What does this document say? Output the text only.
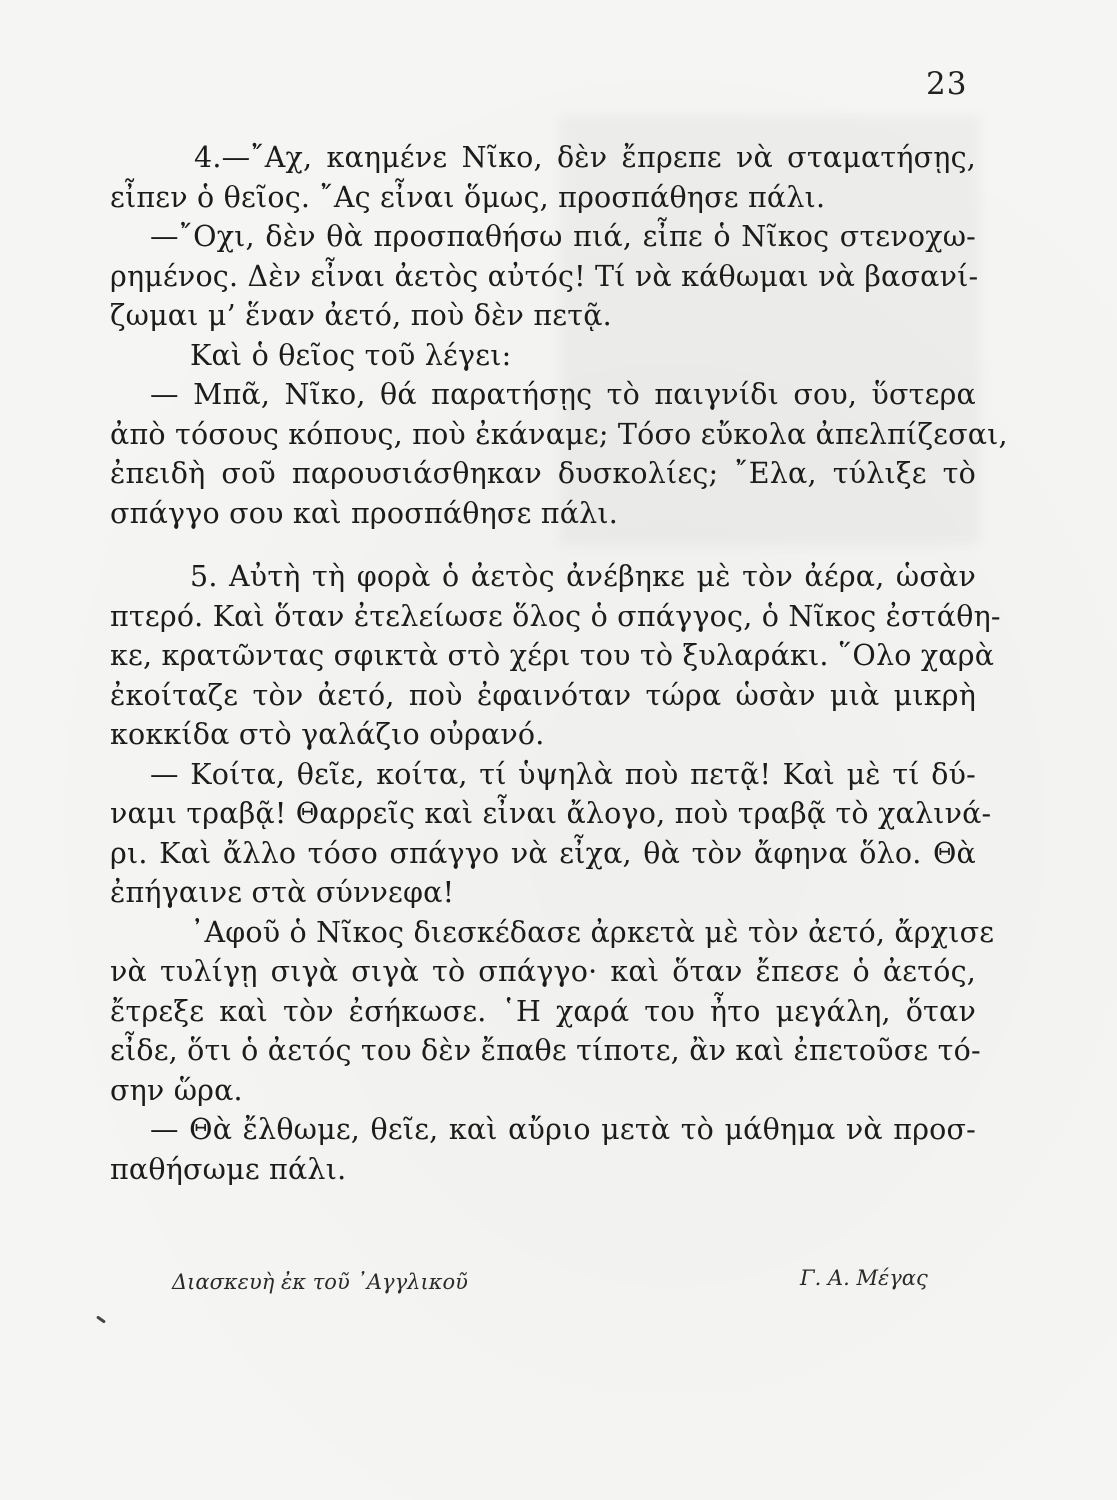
23
4.—῎Αχ, καημένε Νῖκο, δὲν ἔπρεπε νὰ σταματήσῃς,
εἶπεν ὁ θεῖος. ῎Ας εἶναι ὅμως, προσπάθησε πάλι.
—῎Οχι, δὲν θὰ προσπαθήσω πιά, εἶπε ὁ Νῖκος στενοχω-
ρημένος. Δὲν εἶναι ἀετὸς αὐτός! Τί νὰ κάθωμαι νὰ βασανί-
ζωμαι μ’ ἕναν ἀετό, ποὺ δὲν πετᾷ.
Καὶ ὁ θεῖος τοῦ λέγει:
— Μπᾶ, Νῖκο, θά παρατήσῃς τὸ παιγνίδι σου, ὕστερα
ἀπὸ τόσους κόπους, ποὺ ἐκάναμε; Τόσο εὔκολα ἀπελπίζεσαι,
ἐπειδὴ σοῦ παρουσιάσθηκαν δυσκολίες; ῎Ελα, τύλιξε τὸ
σπάγγο σου καὶ προσπάθησε πάλι.
5. Αὐτὴ τὴ φορὰ ὁ ἀετὸς ἀνέβηκε μὲ τὸν ἀέρα, ὡσὰν
πτερό. Καὶ ὅταν ἐτελείωσε ὅλος ὁ σπάγγος, ὁ Νῖκος ἐστάθη-
κε, κρατῶντας σφικτὰ στὸ χέρι του τὸ ξυλαράκι. ῞Ολο χαρὰ
ἐκοίταζε τὸν ἀετό, ποὺ ἐφαινόταν τώρα ὡσὰν μιὰ μικρὴ
κοκκίδα στὸ γαλάζιο οὐρανό.
— Κοίτα, θεῖε, κοίτα, τί ὑψηλὰ ποὺ πετᾷ! Καὶ μὲ τί δύ-
ναμι τραβᾷ! Θαρρεῖς καὶ εἶναι ἄλογο, ποὺ τραβᾷ τὸ χαλινά-
ρι. Καὶ ἄλλο τόσο σπάγγο νὰ εἶχα, θὰ τὸν ἄφηνα ὅλο. Θὰ
ἐπήγαινε στὰ σύννεφα!
᾿Αφοῦ ὁ Νῖκος διεσκέδασε ἀρκετὰ μὲ τὸν ἀετό, ἄρχισε
νὰ τυλίγῃ σιγὰ σιγὰ τὸ σπάγγο· καὶ ὅταν ἔπεσε ὁ ἀετός,
ἔτρεξε καὶ τὸν ἐσήκωσε. ῾Η χαρά του ἦτο μεγάλη, ὅταν
εἶδε, ὅτι ὁ ἀετός του δὲν ἔπαθε τίποτε, ἂν καὶ ἐπετοῦσε τό-
σην ὥρα.
— Θὰ ἔλθωμε, θεῖε, καὶ αὔριο μετὰ τὸ μάθημα νὰ προσ-
παθήσωμε πάλι.
Διασκευὴ ἐκ τοῦ ᾿Αγγλικοῦ	Γ. Α. Μέγας
